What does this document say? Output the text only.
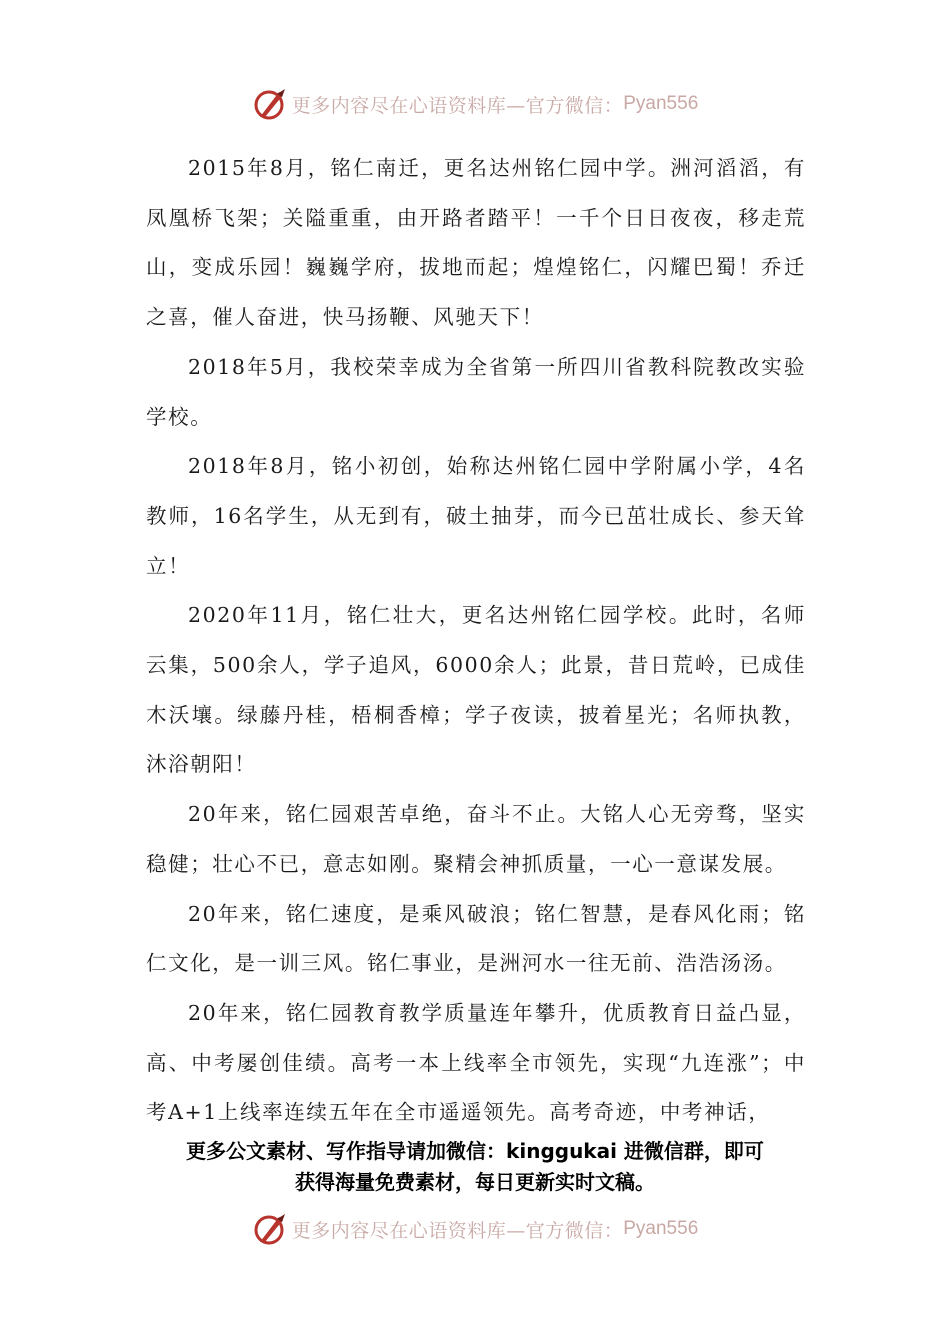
更多内容尽在心语资料库—官方微信： Pyan556

2015年8月，铭仁南迁，更名达州铭仁园中学。洲河滔滔，有凤凰桥飞架；关隘重重，由开路者踏平！一千个日日夜夜，移走荒山，变成乐园！巍巍学府，拔地而起；煌煌铭仁，闪耀巴蜀！乔迁之喜，催人奋进，快马扬鞭、风驰天下！

2018年5月，我校荣幸成为全省第一所四川省教科院教改实验学校。

2018年8月，铭小初创，始称达州铭仁园中学附属小学，4名教师，16名学生，从无到有，破土抽芽，而今已茁壮成长、参天耸立！

2020年11月，铭仁壮大，更名达州铭仁园学校。此时，名师云集，500余人，学子追风，6000余人；此景，昔日荒岭，已成佳木沃壤。绿藤丹桂，梧桐香樟；学子夜读，披着星光；名师执教，沐浴朝阳！

20年来，铭仁园艰苦卓绝，奋斗不止。大铭人心无旁骛，坚实稳健；壮心不已，意志如刚。聚精会神抓质量，一心一意谋发展。

20年来，铭仁速度，是乘风破浪；铭仁智慧，是春风化雨；铭仁文化，是一训三风。铭仁事业，是洲河水一往无前、浩浩汤汤。

20年来，铭仁园教育教学质量连年攀升，优质教育日益凸显，高、中考屡创佳绩。高考一本上线率全市领先，实现“九连涨”；中考A+1上线率连续五年在全市遥遥领先。高考奇迹，中考神话，

更多公文素材、写作指导请加微信：kinggukai 进微信群，即可
获得海量免费素材，每日更新实时文稿。
更多内容尽在心语资料库—官方微信： Pyan556
